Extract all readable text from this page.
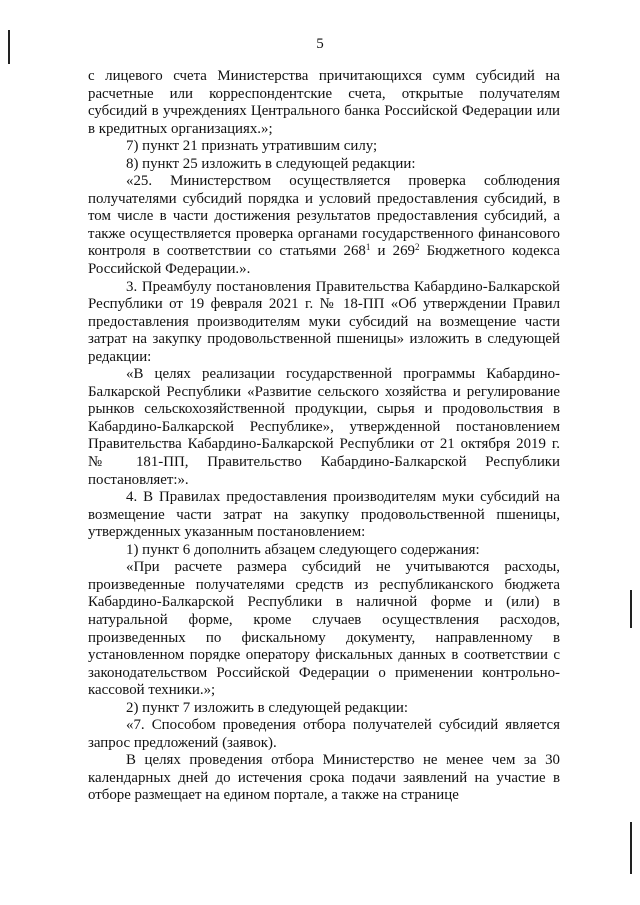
5

с лицевого счета Министерства причитающихся сумм субсидий на расчетные или корреспондентские счета, открытые получателям субсидий в учреждениях Центрального банка Российской Федерации или в кредитных организациях.»;

7) пункт 21 признать утратившим силу;

8) пункт 25 изложить в следующей редакции:

«25. Министерством осуществляется проверка соблюдения получателями субсидий порядка и условий предоставления субсидий, в том числе в части достижения результатов предоставления субсидий, а также осуществляется проверка органами государственного финансового контроля в соответствии со статьями $268^1$ и $269^2$ Бюджетного кодекса Российской Федерации.».

3. Преамбулу постановления Правительства Кабардино-Балкарской Республики от 19 февраля 2021 г. № 18-ПП «Об утверждении Правил предоставления производителям муки субсидий на возмещение части затрат на закупку продовольственной пшеницы» изложить в следующей редакции:

«В целях реализации государственной программы Кабардино-Балкарской Республики «Развитие сельского хозяйства и регулирование рынков сельскохозяйственной продукции, сырья и продовольствия в Кабардино-Балкарской Республике», утвержденной постановлением Правительства Кабардино-Балкарской Республики от 21 октября 2019 г. № 181-ПП, Правительство Кабардино-Балкарской Республики постановляет:».

4. В Правилах предоставления производителям муки субсидий на возмещение части затрат на закупку продовольственной пшеницы, утвержденных указанным постановлением:

1) пункт 6 дополнить абзацем следующего содержания:

«При расчете размера субсидий не учитываются расходы, произведенные получателями средств из республиканского бюджета Кабардино-Балкарской Республики в наличной форме и (или) в натуральной форме, кроме случаев осуществления расходов, произведенных по фискальному документу, направленному в установленном порядке оператору фискальных данных в соответствии с законодательством Российской Федерации о применении контрольно-кассовой техники.»;

2) пункт 7 изложить в следующей редакции:

«7. Способом проведения отбора получателей субсидий является запрос предложений (заявок).

В целях проведения отбора Министерство не менее чем за 30 календарных дней до истечения срока подачи заявлений на участие в отборе размещает на едином портале, а также на странице
